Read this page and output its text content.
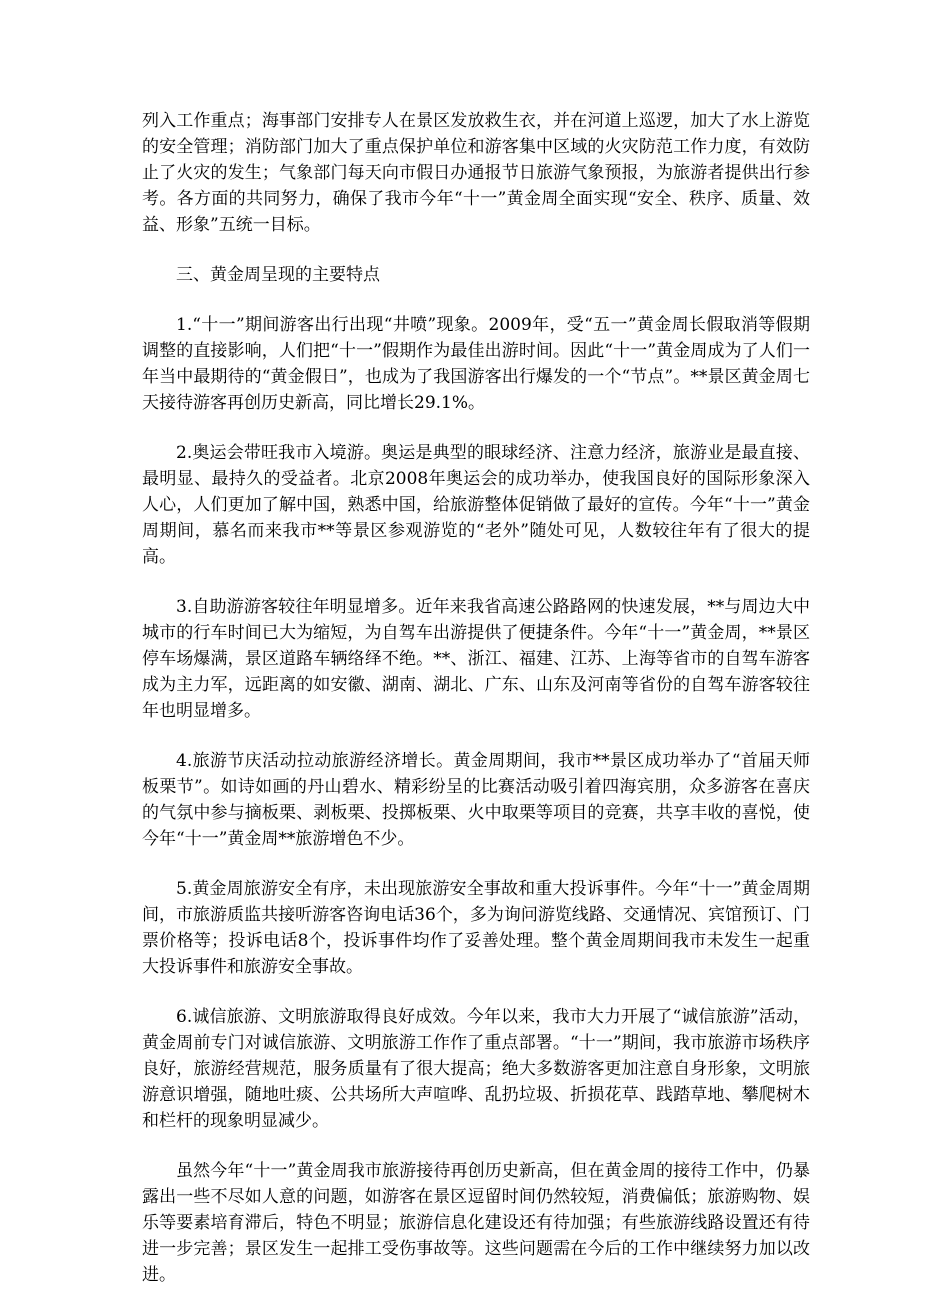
列入工作重点；海事部门安排专人在景区发放救生衣，并在河道上巡逻，加大了水上游览的安全管理；消防部门加大了重点保护单位和游客集中区域的火灾防范工作力度，有效防止了火灾的发生；气象部门每天向市假日办通报节日旅游气象预报，为旅游者提供出行参考。各方面的共同努力，确保了我市今年“十一”黄金周全面实现“安全、秩序、质量、效益、形象”五统一目标。

三、黄金周呈现的主要特点

1.“十一”期间游客出行出现“井喷”现象。2009年，受“五一”黄金周长假取消等假期调整的直接影响，人们把“十一”假期作为最佳出游时间。因此“十一”黄金周成为了人们一年当中最期待的“黄金假日”，也成为了我国游客出行爆发的一个“节点”。**景区黄金周七天接待游客再创历史新高，同比增长29.1%。

2.奥运会带旺我市入境游。奥运是典型的眼球经济、注意力经济，旅游业是最直接、最明显、最持久的受益者。北京2008年奥运会的成功举办，使我国良好的国际形象深入人心，人们更加了解中国，熟悉中国，给旅游整体促销做了最好的宣传。今年“十一”黄金周期间，慕名而来我市**等景区参观游览的“老外”随处可见，人数较往年有了很大的提高。

3.自助游游客较往年明显增多。近年来我省高速公路路网的快速发展，**与周边大中城市的行车时间已大为缩短，为自驾车出游提供了便捷条件。今年“十一”黄金周，**景区停车场爆满，景区道路车辆络绎不绝。**、浙江、福建、江苏、上海等省市的自驾车游客成为主力军，远距离的如安徽、湖南、湖北、广东、山东及河南等省份的自驾车游客较往年也明显增多。

4.旅游节庆活动拉动旅游经济增长。黄金周期间，我市**景区成功举办了“首届天师板栗节”。如诗如画的丹山碧水、精彩纷呈的比赛活动吸引着四海宾朋，众多游客在喜庆的气氛中参与摘板栗、剥板栗、投掷板栗、火中取栗等项目的竞赛，共享丰收的喜悦，使今年“十一”黄金周**旅游增色不少。

5.黄金周旅游安全有序，未出现旅游安全事故和重大投诉事件。今年“十一”黄金周期间，市旅游质监共接听游客咨询电话36个，多为询问游览线路、交通情况、宾馆预订、门票价格等；投诉电话8个，投诉事件均作了妥善处理。整个黄金周期间我市未发生一起重大投诉事件和旅游安全事故。

6.诚信旅游、文明旅游取得良好成效。今年以来，我市大力开展了“诚信旅游”活动，黄金周前专门对诚信旅游、文明旅游工作作了重点部署。“十一”期间，我市旅游市场秩序良好，旅游经营规范，服务质量有了很大提高；绝大多数游客更加注意自身形象，文明旅游意识增强，随地吐痰、公共场所大声喧哗、乱扔垃圾、折损花草、践踏草地、攀爬树木和栏杆的现象明显减少。

虽然今年“十一”黄金周我市旅游接待再创历史新高，但在黄金周的接待工作中，仍暴露出一些不尽如人意的问题，如游客在景区逗留时间仍然较短，消费偏低；旅游购物、娱乐等要素培育滞后，特色不明显；旅游信息化建设还有待加强；有些旅游线路设置还有待进一步完善；景区发生一起排工受伤事故等。这些问题需在今后的工作中继续努力加以改进。
